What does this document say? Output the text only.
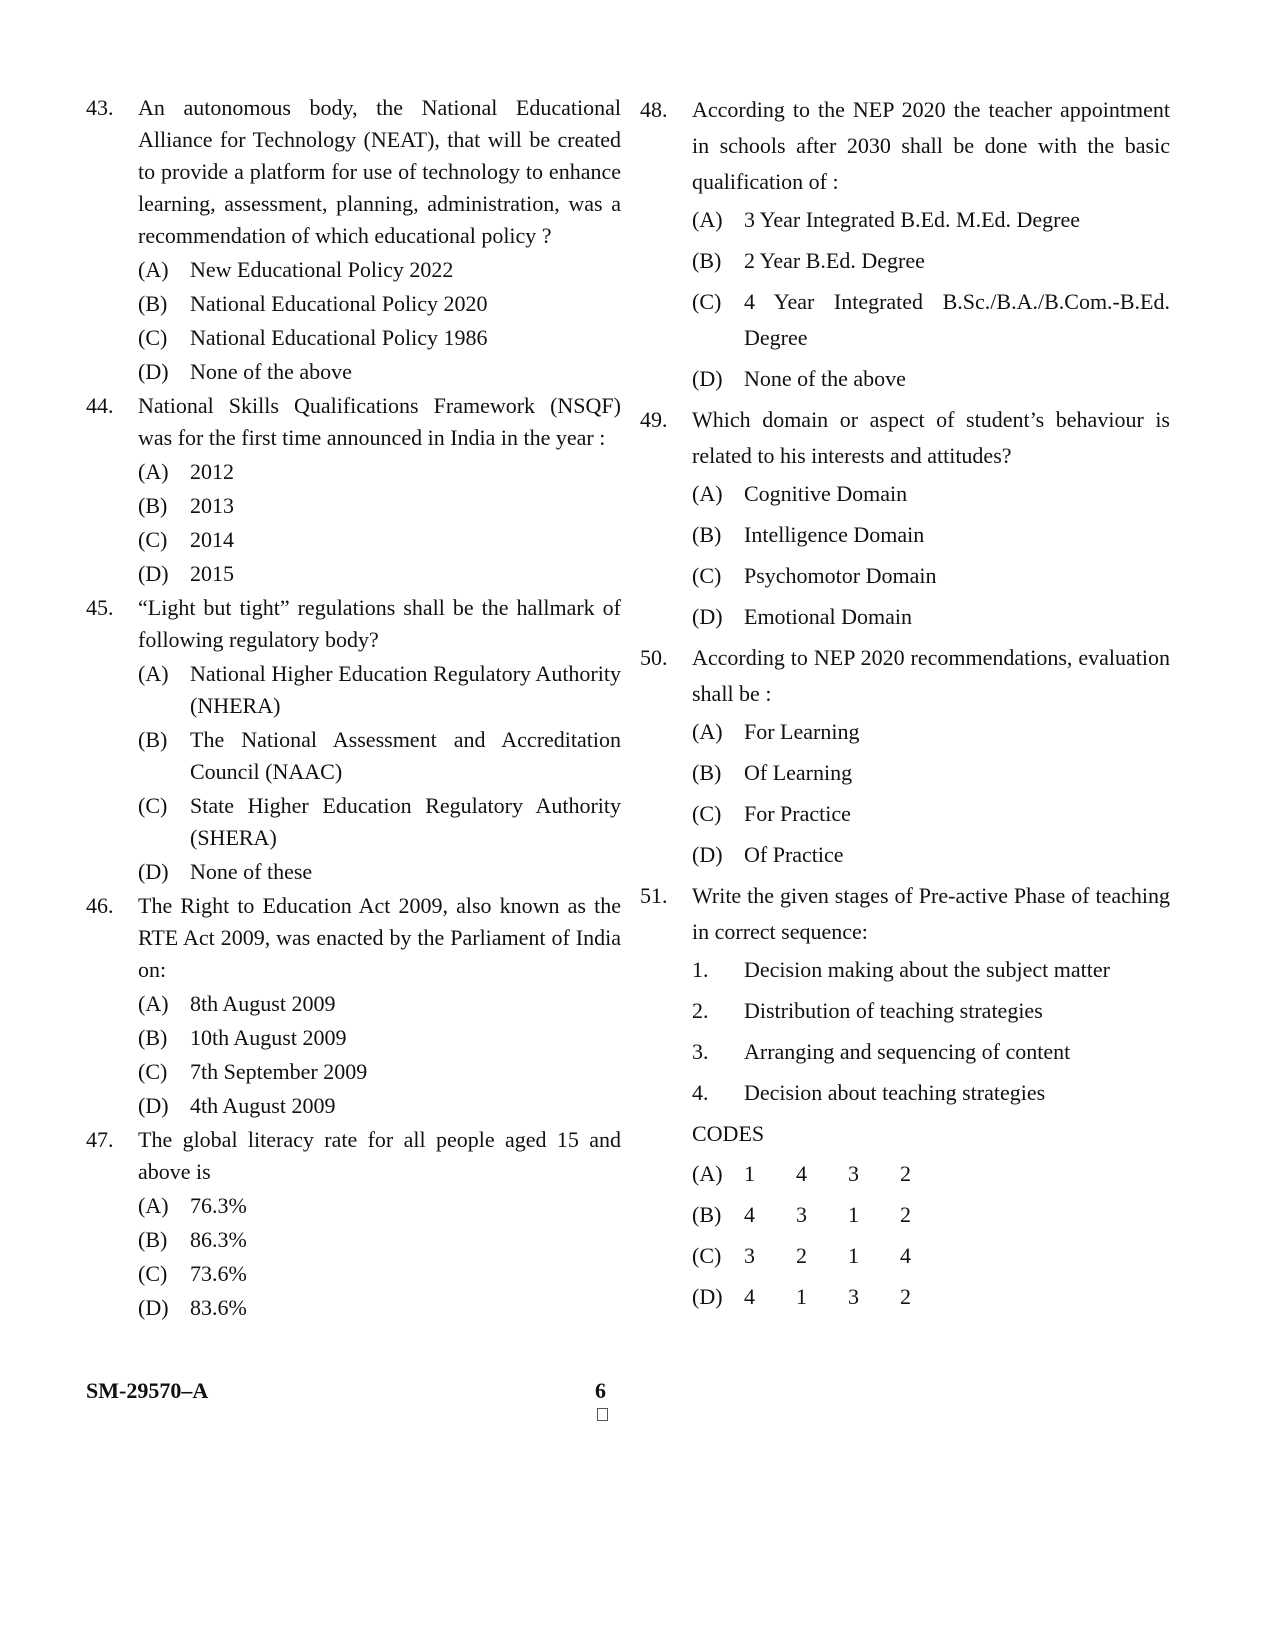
43.	An autonomous body, the National Educational Alliance for Technology (NEAT), that will be created to provide a platform for use of technology to enhance learning, assessment, planning, administration, was a recommendation of which educational policy ?
(A) New Educational Policy 2022
(B)	National Educational Policy 2020
(C)	National Educational Policy 1986
(D) None of the above
44.	National Skills Qualifications Framework (NSQF) was for the first time announced in India in the year :
(A) 2012
(B)	2013
(C)	2014
(D) 2015
45.	“Light but tight” regulations shall be the hallmark of following regulatory body?
(A) National Higher Education Regulatory Authority (NHERA)
(B)	The National Assessment and Accreditation Council (NAAC)
(C)	State Higher Education Regulatory Authority (SHERA)
(D) None of these
46.	The Right to Education Act 2009, also known as the RTE Act 2009, was enacted by the Parliament of India on:
(A) 8th August 2009
(B)	10th August 2009
(C)	7th September 2009
(D) 4th August 2009
47.	The global literacy rate for all people aged 15 and above is
(A) 76.3%
(B)	86.3%
(C)	73.6%
(D) 83.6%
48.	According to the NEP 2020 the teacher appointment in schools after 2030 shall be done with the basic qualification of :
(A) 3 Year Integrated B.Ed. M.Ed. Degree
(B)	2 Year B.Ed. Degree
(C)	4 Year Integrated B.Sc./B.A./B.Com.-B.Ed. Degree
(D) None of the above
49.	Which domain or aspect of student’s behaviour is related to his interests and attitudes?
(A) Cognitive Domain
(B)	Intelligence Domain
(C)	Psychomotor Domain
(D) Emotional Domain
50.	According to NEP 2020 recommendations, evaluation shall be :
(A) For Learning
(B)	Of Learning
(C)	For Practice
(D) Of Practice
51.	Write the given stages of Pre-active Phase of teaching in correct sequence:
1.	Decision making about the subject matter
2.	Distribution of teaching strategies
3.	Arranging and sequencing of content
4.	Decision about teaching strategies
CODES
(A) 1	4	3	2
(B)	4	3	1	2
(C)	3	2	1	4
(D) 4	1	3	2
SM-29570–A	6
